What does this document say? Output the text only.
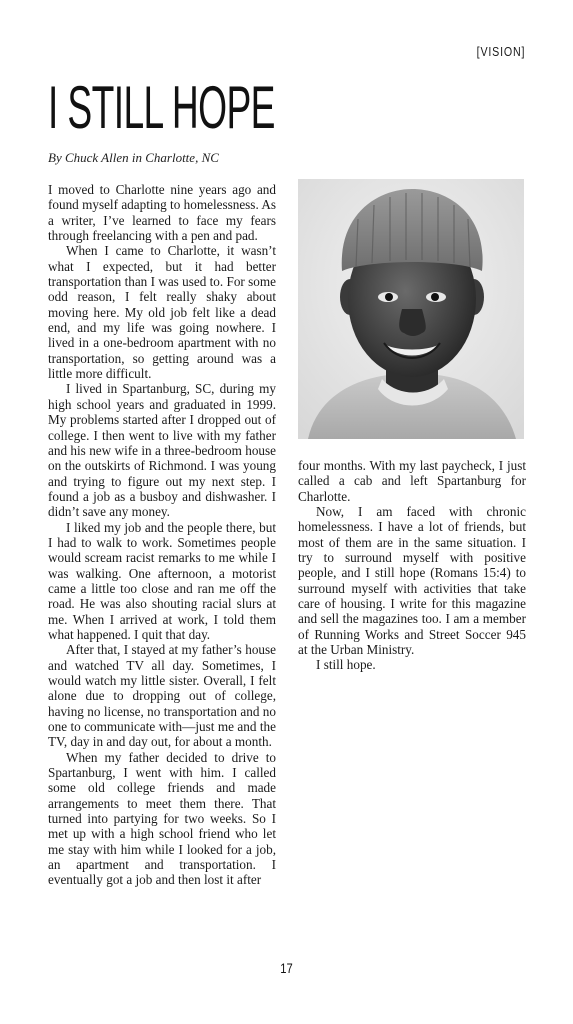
[VISION]
I STILL HOPE
By Chuck Allen in Charlotte, NC

I moved to Charlotte nine years ago and found myself adapting to homelessness. As a writer, I’ve learned to face my fears through freelancing with a pen and pad.

When I came to Charlotte, it wasn’t what I expected, but it had better transportation than I was used to. For some odd reason, I felt really shaky about moving here. My old job felt like a dead end, and my life was going nowhere. I lived in a one-bedroom apartment with no transportation, so getting around was a little more difficult.

I lived in Spartanburg, SC, during my high school years and graduated in 1999. My problems started after I dropped out of college. I then went to live with my father and his new wife in a three-bedroom house on the outskirts of Richmond. I was young and trying to figure out my next step. I found a job as a busboy and dishwasher. I didn’t save any money.

I liked my job and the people there, but I had to walk to work. Sometimes people would scream racist remarks to me while I was walking. One afternoon, a motorist came a little too close and ran me off the road. He was also shouting racial slurs at me. When I arrived at work, I told them what happened. I quit that day.

After that, I stayed at my father’s house and watched TV all day. Sometimes, I would watch my little sister. Overall, I felt alone due to dropping out of college, having no license, no transportation and no one to communicate with—just me and the TV, day in and day out, for about a month.

When my father decided to drive to Spartanburg, I went with him. I called some old college friends and made arrangements to meet them there. That turned into partying for two weeks. So I met up with a high school friend who let me stay with him while I looked for a job, an apartment and transportation. I eventually got a job and then lost it after

four months. With my last paycheck, I just called a cab and left Spartanburg for Charlotte.

Now, I am faced with chronic homelessness. I have a lot of friends, but most of them are in the same situation. I try to surround myself with positive people, and I still hope (Romans 15:4) to surround myself with activities that take care of housing. I write for this magazine and sell the magazines too. I am a member of Running Works and Street Soccer 945 at the Urban Ministry.

I still hope.

17
